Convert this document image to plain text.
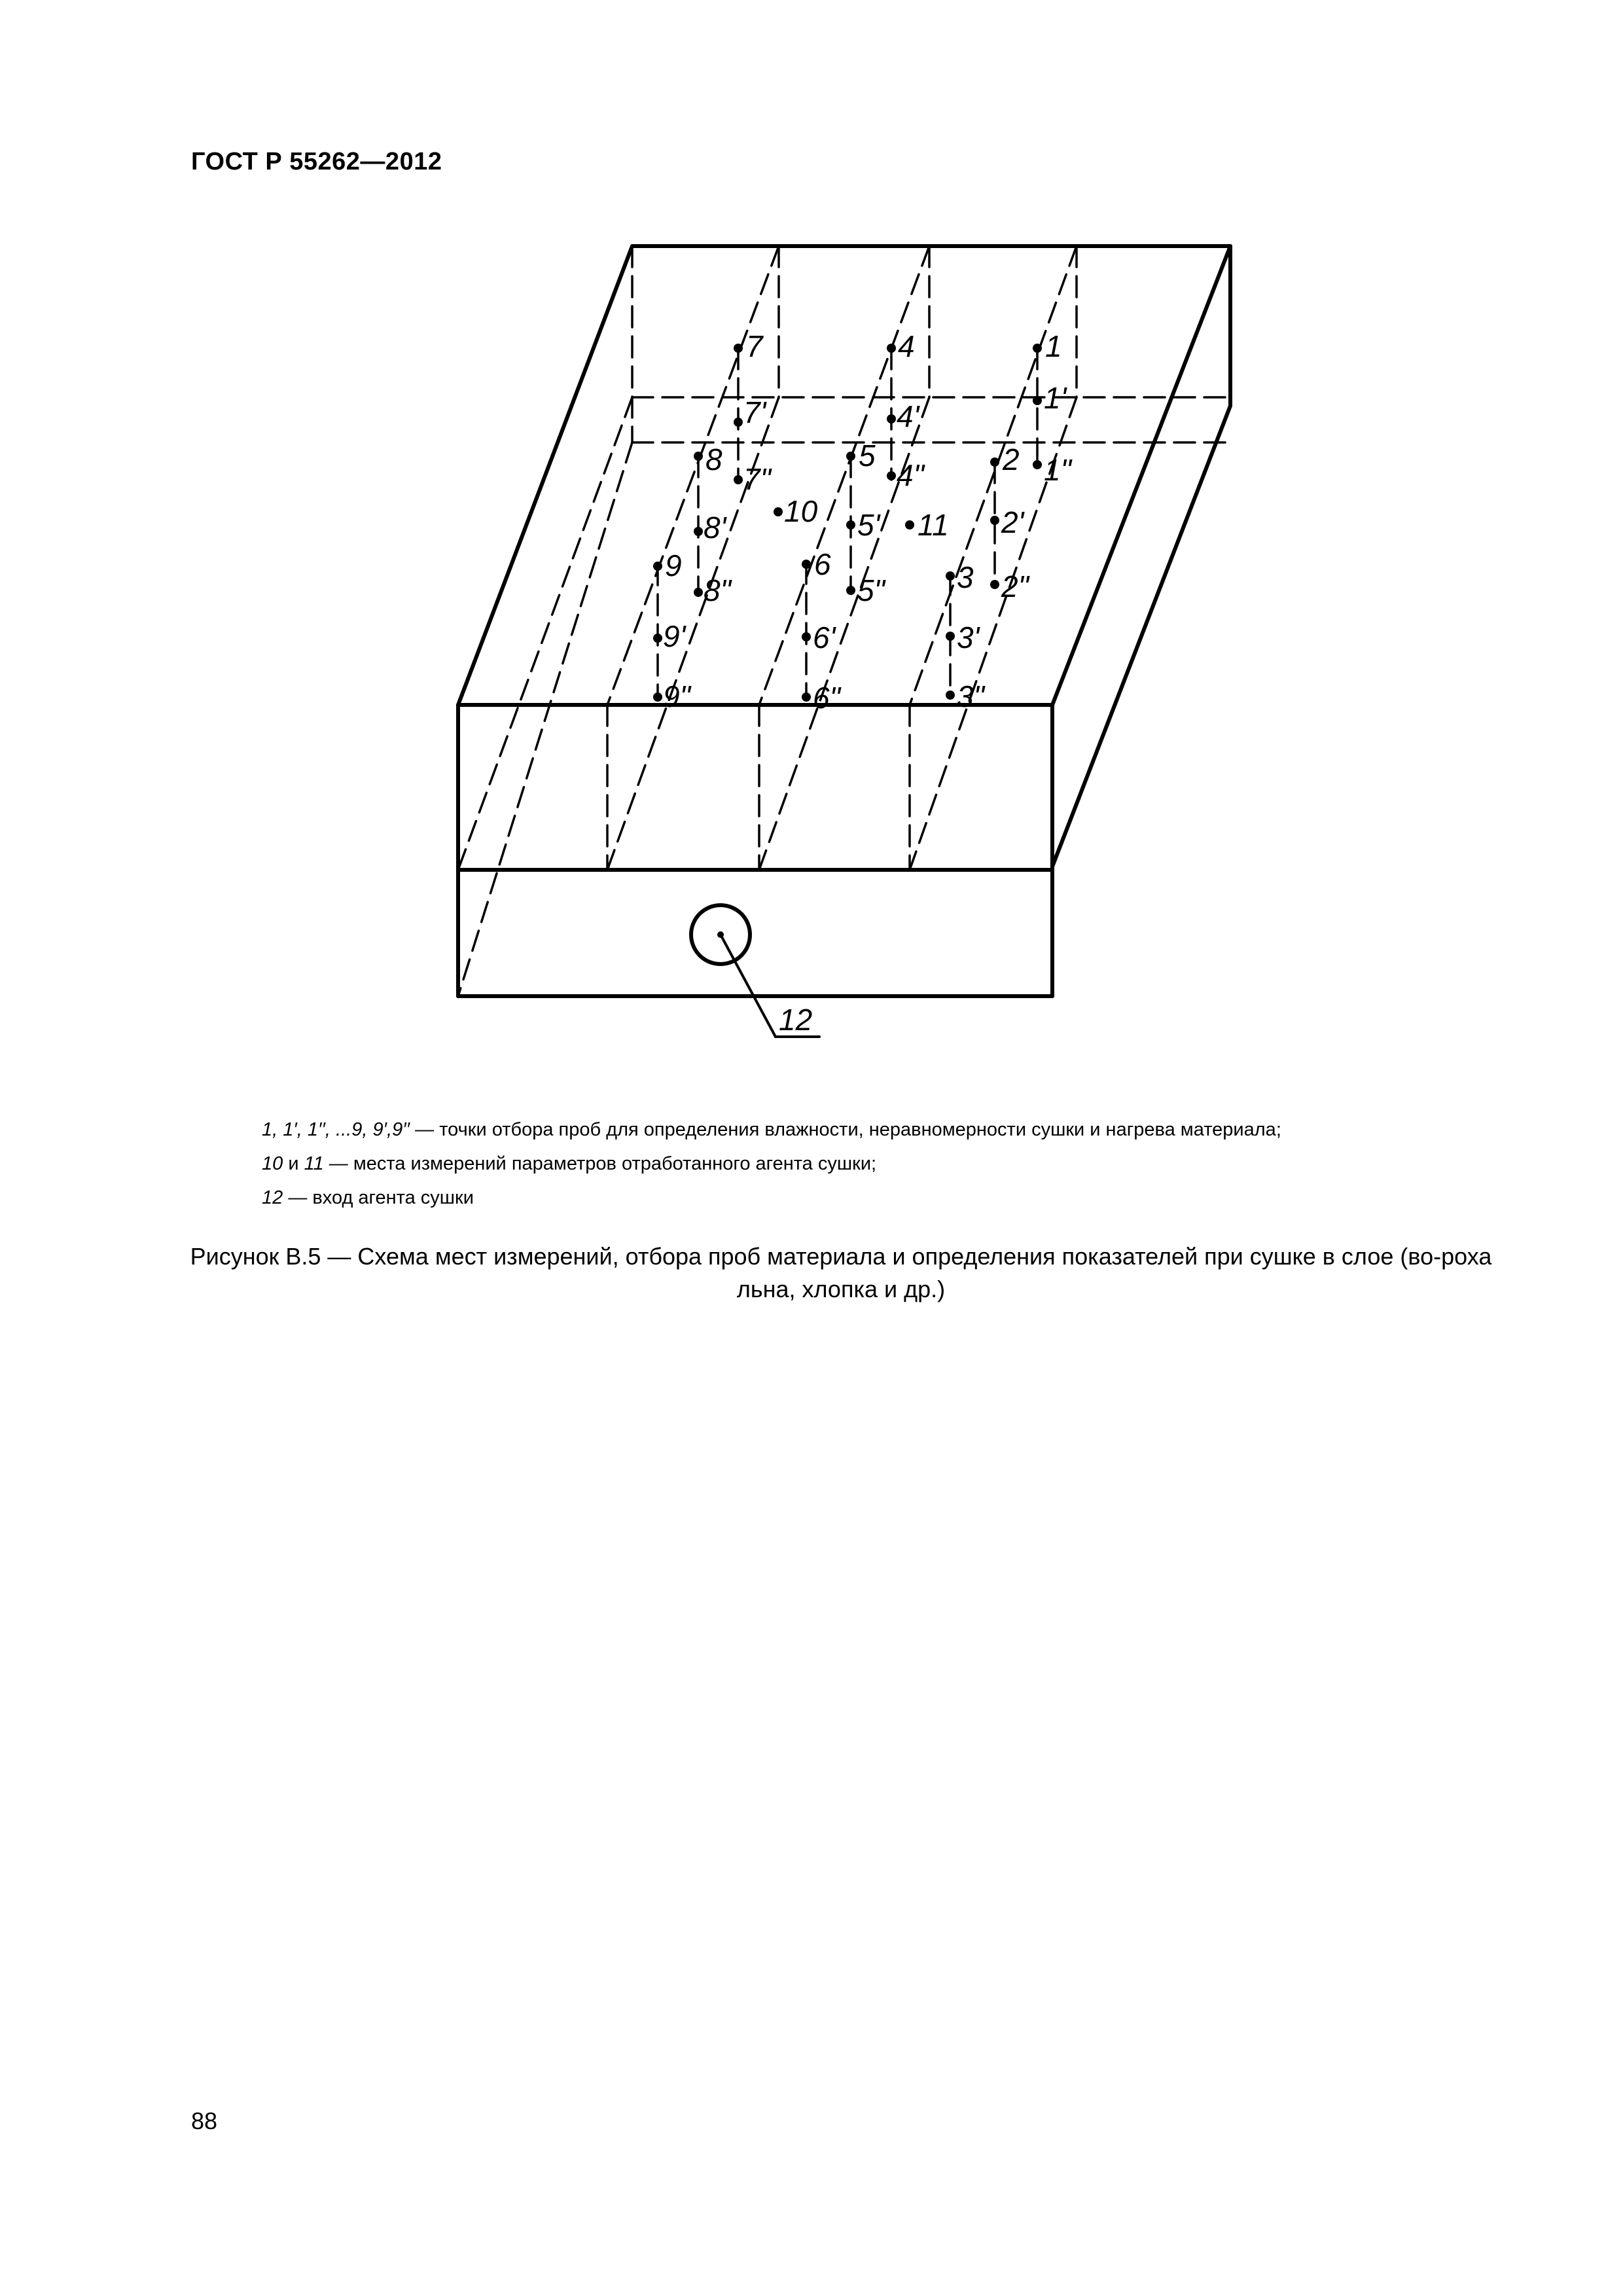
ГОСТ Р 55262—2012
1
1'
1"
2
2'
2"
3
3'
3"
4
4'
4"
5
5'
5"
6
6'
6"
7
7'
7"
8
8'
8"
9
9'
9"
10	11
12
1, 1′, 1′′, ...9, 9′,9′′ — точки отбора проб для определения влажности, неравномерности сушки и нагрева материала;
10 и 11 — места измерений параметров отработанного агента сушки;
12 — вход агента сушки
Рисунок В.5 — Схема мест измерений, отбора проб материала и определения показателей при сушке в слое (во-роха льна, хлопка и др.)
88
